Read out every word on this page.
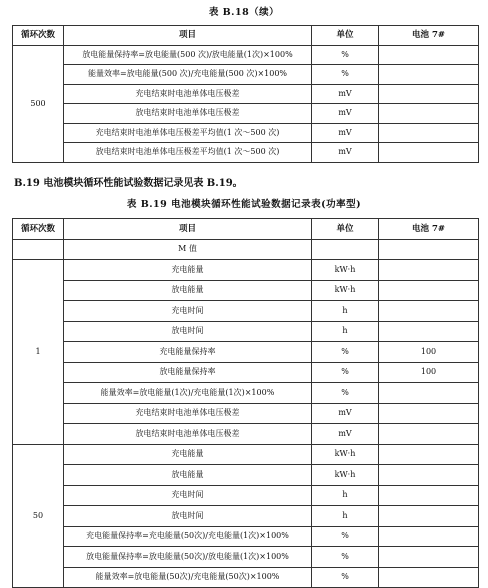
表 B.18（续）
循环次数	项目	单位	电池 7#
500	放电能量保持率=放电能量(500 次)/放电能量(1次)×100%	%	
	能量效率=放电能量(500 次)/充电能量(500 次)×100%	%	
	充电结束时电池单体电压极差	mV	
	放电结束时电池单体电压极差	mV	
	充电结束时电池单体电压极差平均值(1 次～500 次)	mV	
	放电结束时电池单体电压极差平均值(1 次～500 次)	mV	
B.19 电池模块循环性能试验数据记录见表 B.19。
表 B.19 电池模块循环性能试验数据记录表(功率型)
循环次数	项目	单位	电池 7#
	M 值		
1	充电能量	kW·h	
	放电能量	kW·h	
	充电时间	h	
	放电时间	h	
	充电能量保持率	%	100
	放电能量保持率	%	100
	能量效率=放电能量(1次)/充电能量(1次)×100%	%	
	充电结束时电池单体电压极差	mV	
	放电结束时电池单体电压极差	mV	
50	充电能量	kW·h	
	放电能量	kW·h	
	充电时间	h	
	放电时间	h	
	充电能量保持率=充电能量(50次)/充电能量(1次)×100%	%	
	放电能量保持率=放电能量(50次)/放电能量(1次)×100%	%	
	能量效率=放电能量(50次)/充电能量(50次)×100%	%	
